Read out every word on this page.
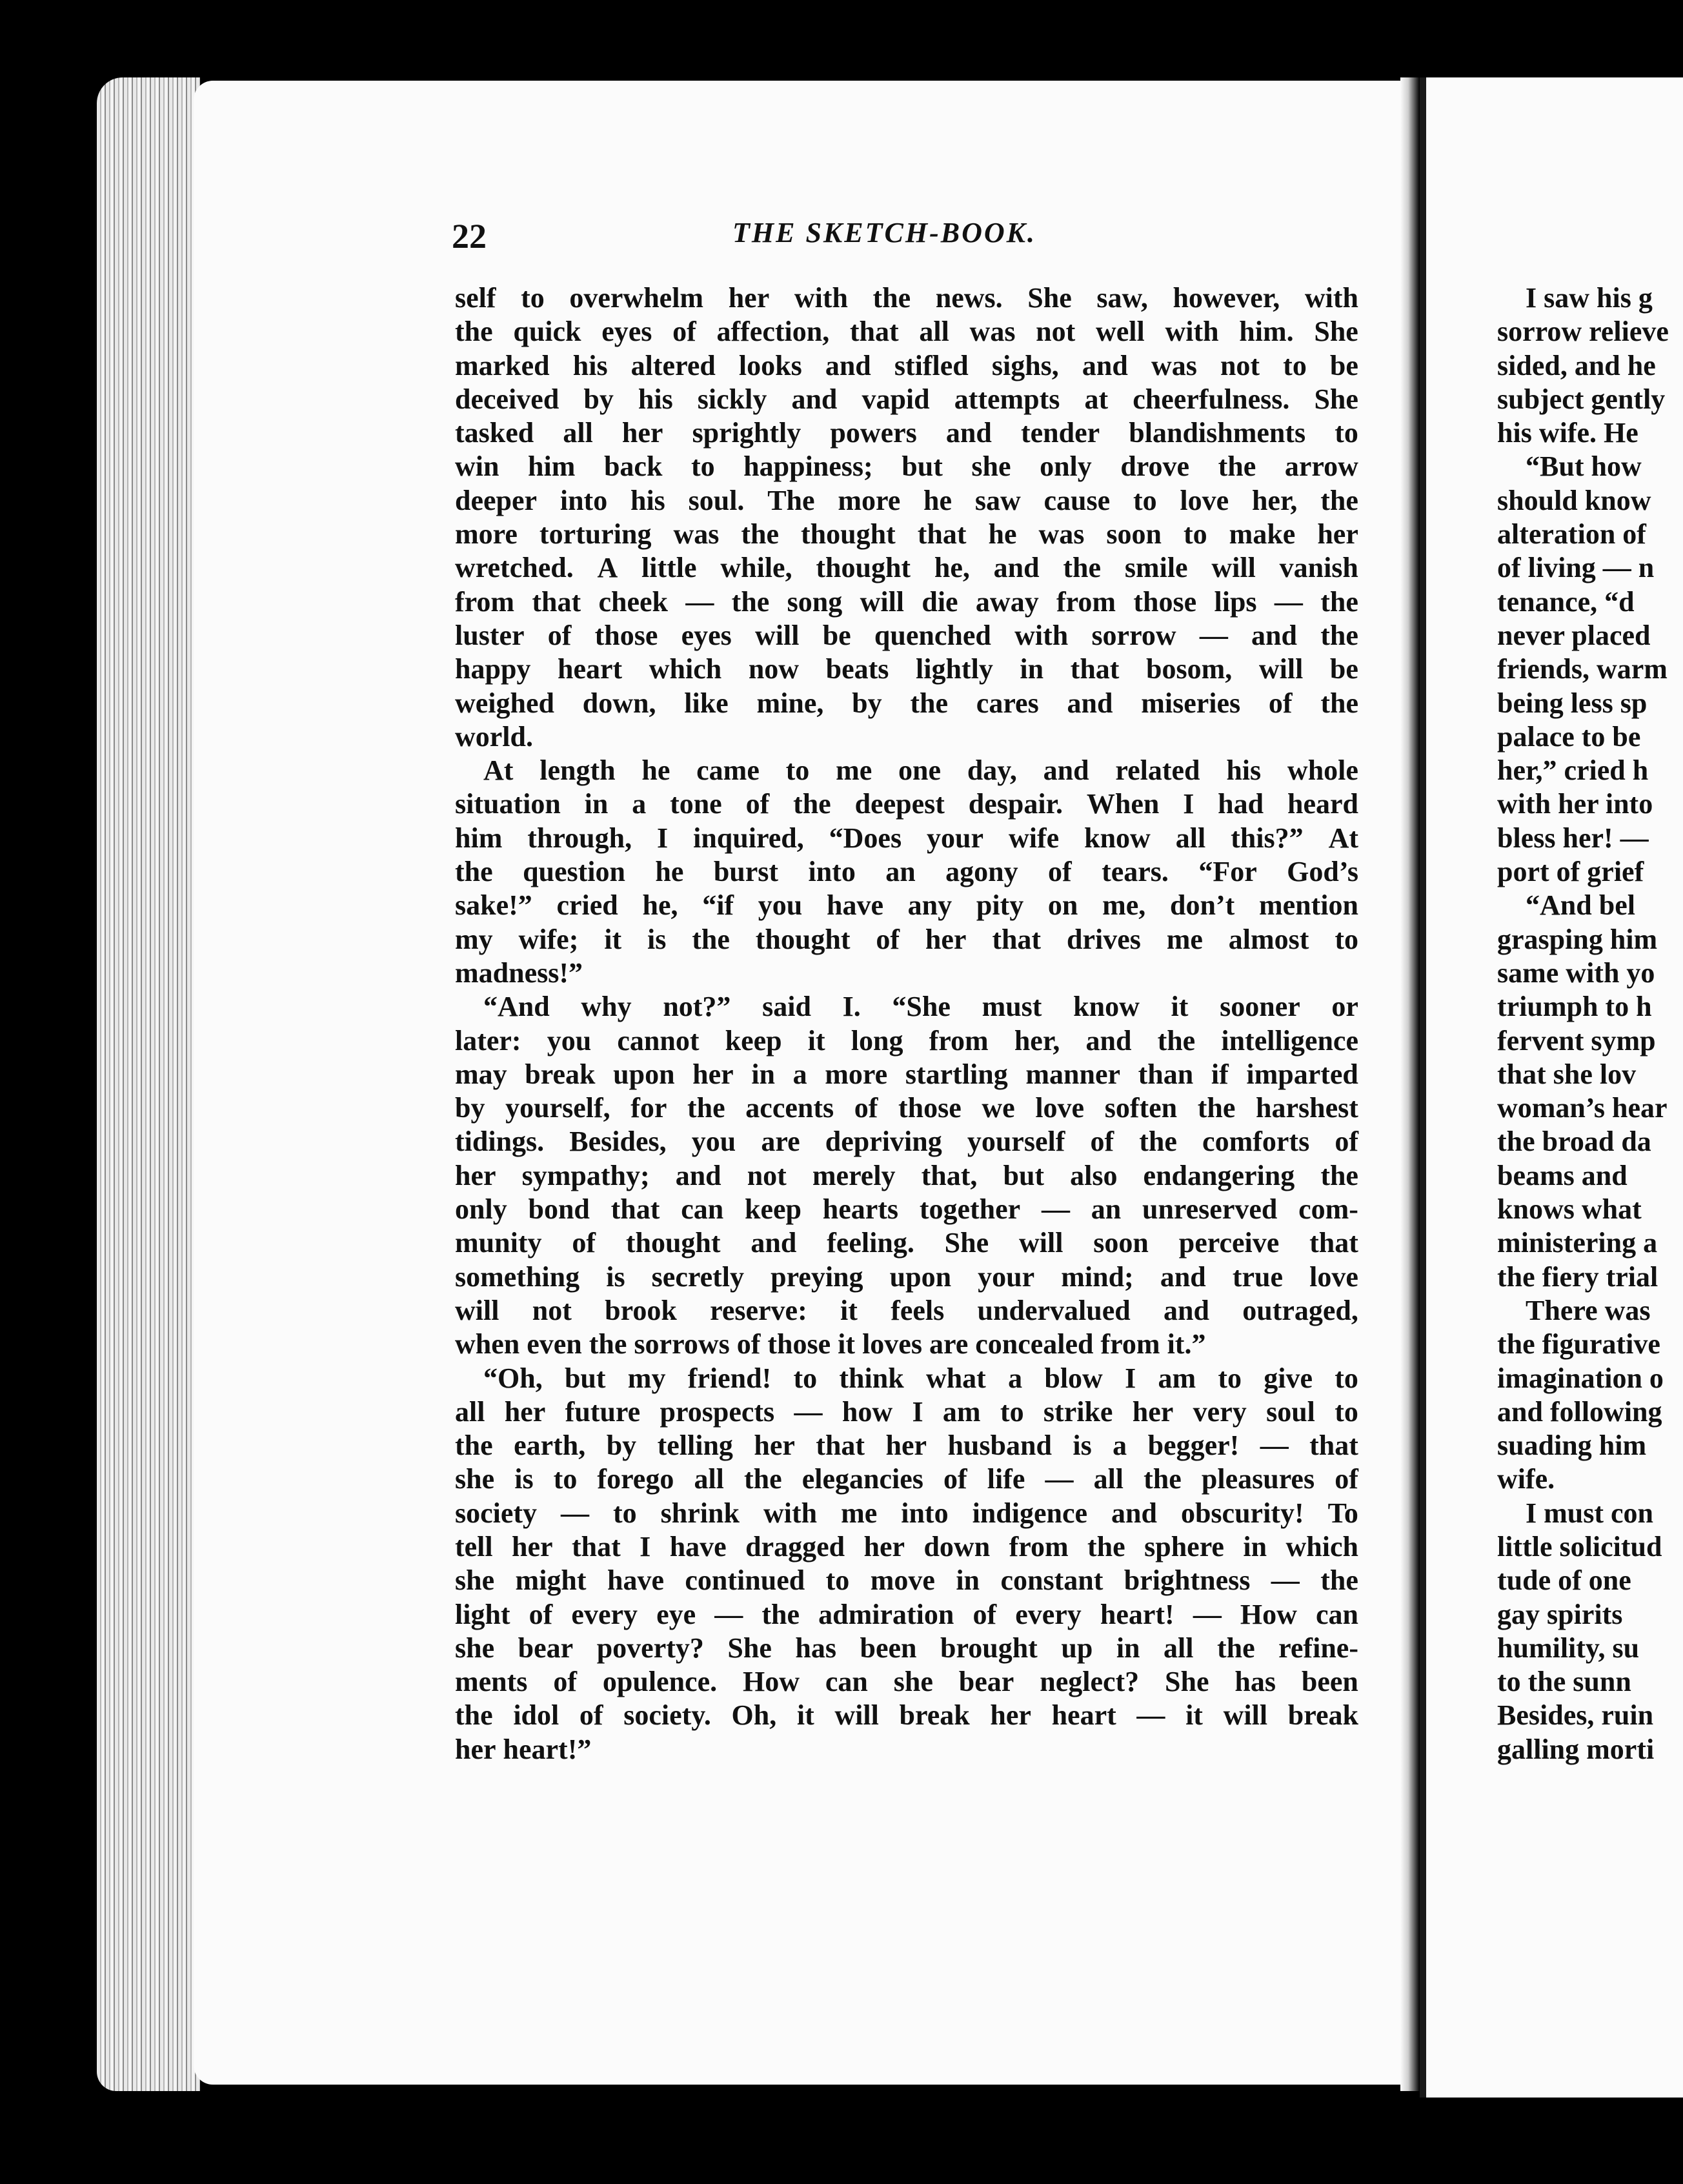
22	THE SKETCH-BOOK.
self to overwhelm her with the news. She saw, however, with
the quick eyes of affection, that all was not well with him. She
marked his altered looks and stifled sighs, and was not to be
deceived by his sickly and vapid attempts at cheerfulness. She
tasked all her sprightly powers and tender blandishments to
win him back to happiness; but she only drove the arrow
deeper into his soul. The more he saw cause to love her, the
more torturing was the thought that he was soon to make her
wretched. A little while, thought he, and the smile will vanish
from that cheek — the song will die away from those lips — the
luster of those eyes will be quenched with sorrow — and the
happy heart which now beats lightly in that bosom, will be
weighed down, like mine, by the cares and miseries of the
world.
At length he came to me one day, and related his whole
situation in a tone of the deepest despair. When I had heard
him through, I inquired, “Does your wife know all this?” At
the question he burst into an agony of tears. “For God’s
sake!” cried he, “if you have any pity on me, don’t mention
my wife; it is the thought of her that drives me almost to
madness!”
“And why not?” said I. “She must know it sooner or
later: you cannot keep it long from her, and the intelligence
may break upon her in a more startling manner than if imparted
by yourself, for the accents of those we love soften the harshest
tidings. Besides, you are depriving yourself of the comforts of
her sympathy; and not merely that, but also endangering the
only bond that can keep hearts together — an unreserved com-
munity of thought and feeling. She will soon perceive that
something is secretly preying upon your mind; and true love
will not brook reserve: it feels undervalued and outraged,
when even the sorrows of those it loves are concealed from it.”
“Oh, but my friend! to think what a blow I am to give to
all her future prospects — how I am to strike her very soul to
the earth, by telling her that her husband is a begger! — that
she is to forego all the elegancies of life — all the pleasures of
society — to shrink with me into indigence and obscurity! To
tell her that I have dragged her down from the sphere in which
she might have continued to move in constant brightness — the
light of every eye — the admiration of every heart! — How can
she bear poverty? She has been brought up in all the refine-
ments of opulence. How can she bear neglect? She has been
the idol of society. Oh, it will break her heart — it will break
her heart!”
I saw his g
sorrow relieve
sided, and he
subject gently
his wife. He
“But how
should know
alteration of
of living — n
tenance, “d
never placed
friends, warm
being less sp
palace to be
her,” cried h
with her into
bless her! —
port of grief
“And bel
grasping him
same with yo
triumph to h
fervent symp
that she lov
woman’s hear
the broad da
beams and
knows what
ministering a
the fiery trial
There was
the figurative
imagination o
and following
suading him
wife.
I must con
little solicitud
tude of one
gay spirits
humility, su
to the sunn
Besides, ruin
galling morti
